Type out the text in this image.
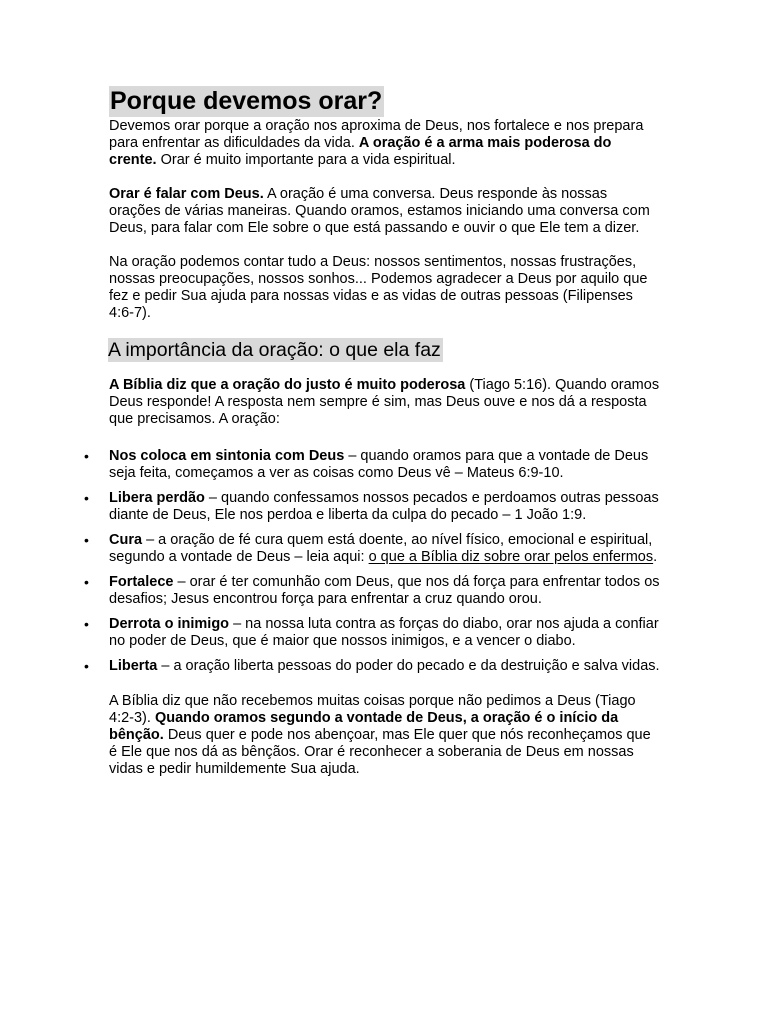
Porque devemos orar?

Devemos orar porque a oração nos aproxima de Deus, nos fortalece e nos prepara para enfrentar as dificuldades da vida. A oração é a arma mais poderosa do crente. Orar é muito importante para a vida espiritual.

Orar é falar com Deus. A oração é uma conversa. Deus responde às nossas orações de várias maneiras. Quando oramos, estamos iniciando uma conversa com Deus, para falar com Ele sobre o que está passando e ouvir o que Ele tem a dizer.

Na oração podemos contar tudo a Deus: nossos sentimentos, nossas frustrações, nossas preocupações, nossos sonhos... Podemos agradecer a Deus por aquilo que fez e pedir Sua ajuda para nossas vidas e as vidas de outras pessoas (Filipenses 4:6-7).

A importância da oração: o que ela faz

A Bíblia diz que a oração do justo é muito poderosa (Tiago 5:16). Quando oramos Deus responde! A resposta nem sempre é sim, mas Deus ouve e nos dá a resposta que precisamos. A oração:

•	Nos coloca em sintonia com Deus – quando oramos para que a vontade de Deus seja feita, começamos a ver as coisas como Deus vê – Mateus 6:9-10.
•	Libera perdão – quando confessamos nossos pecados e perdoamos outras pessoas diante de Deus, Ele nos perdoa e liberta da culpa do pecado – 1 João 1:9.
•	Cura – a oração de fé cura quem está doente, ao nível físico, emocional e espiritual, segundo a vontade de Deus – leia aqui: o que a Bíblia diz sobre orar pelos enfermos.
•	Fortalece – orar é ter comunhão com Deus, que nos dá força para enfrentar todos os desafios; Jesus encontrou força para enfrentar a cruz quando orou.
•	Derrota o inimigo – na nossa luta contra as forças do diabo, orar nos ajuda a confiar no poder de Deus, que é maior que nossos inimigos, e a vencer o diabo.
•	Liberta – a oração liberta pessoas do poder do pecado e da destruição e salva vidas.

A Bíblia diz que não recebemos muitas coisas porque não pedimos a Deus (Tiago 4:2-3). Quando oramos segundo a vontade de Deus, a oração é o início da bênção. Deus quer e pode nos abençoar, mas Ele quer que nós reconheçamos que é Ele que nos dá as bênçãos. Orar é reconhecer a soberania de Deus em nossas vidas e pedir humildemente Sua ajuda.
